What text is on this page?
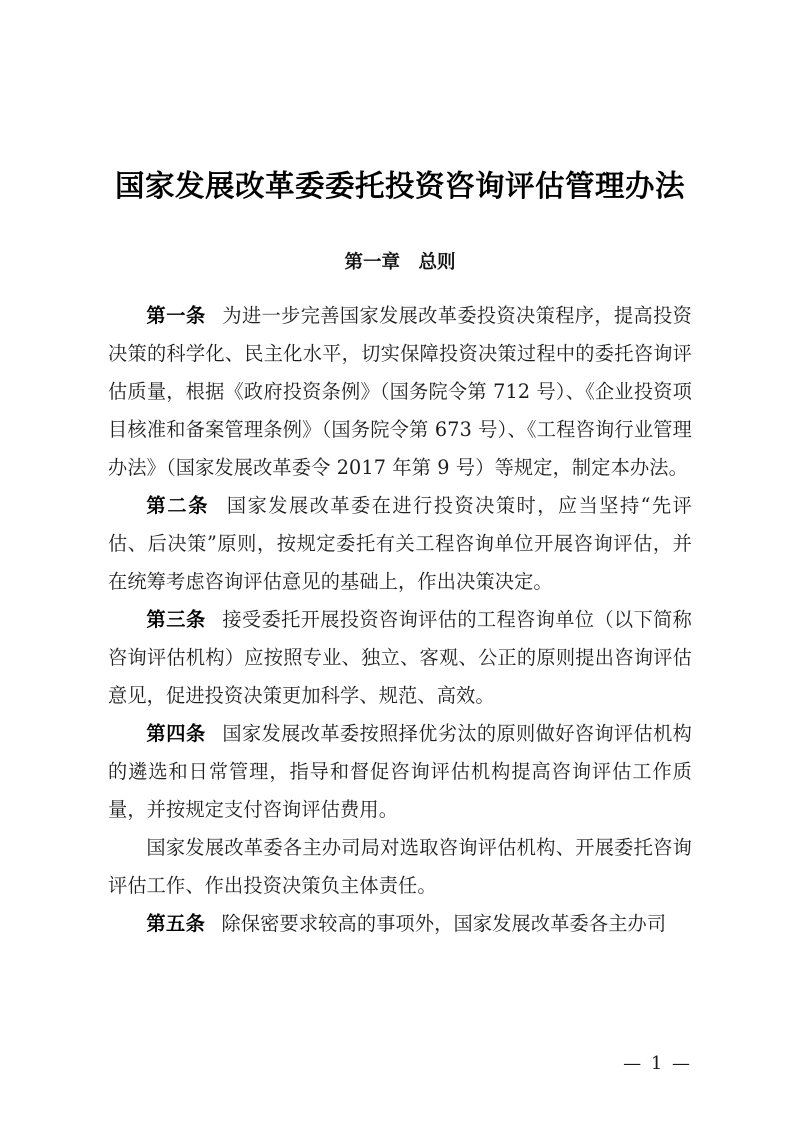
国家发展改革委委托投资咨询评估管理办法
第一章　总则

第一条 为进一步完善国家发展改革委投资决策程序，提高投资决策的科学化、民主化水平，切实保障投资决策过程中的委托咨询评估质量，根据《政府投资条例》（国务院令第 712 号）、《企业投资项目核准和备案管理条例》（国务院令第 673 号）、《工程咨询行业管理办法》（国家发展改革委令 2017 年第 9 号）等规定，制定本办法。

第二条 国家发展改革委在进行投资决策时，应当坚持“先评估、后决策”原则，按规定委托有关工程咨询单位开展咨询评估，并在统筹考虑咨询评估意见的基础上，作出决策决定。

第三条 接受委托开展投资咨询评估的工程咨询单位（以下简称咨询评估机构）应按照专业、独立、客观、公正的原则提出咨询评估意见，促进投资决策更加科学、规范、高效。

第四条 国家发展改革委按照择优劣汰的原则做好咨询评估机构的遴选和日常管理，指导和督促咨询评估机构提高咨询评估工作质量，并按规定支付咨询评估费用。

国家发展改革委各主办司局对选取咨询评估机构、开展委托咨询评估工作、作出投资决策负主体责任。

第五条 除保密要求较高的事项外，国家发展改革委各主办司

— 1 —
